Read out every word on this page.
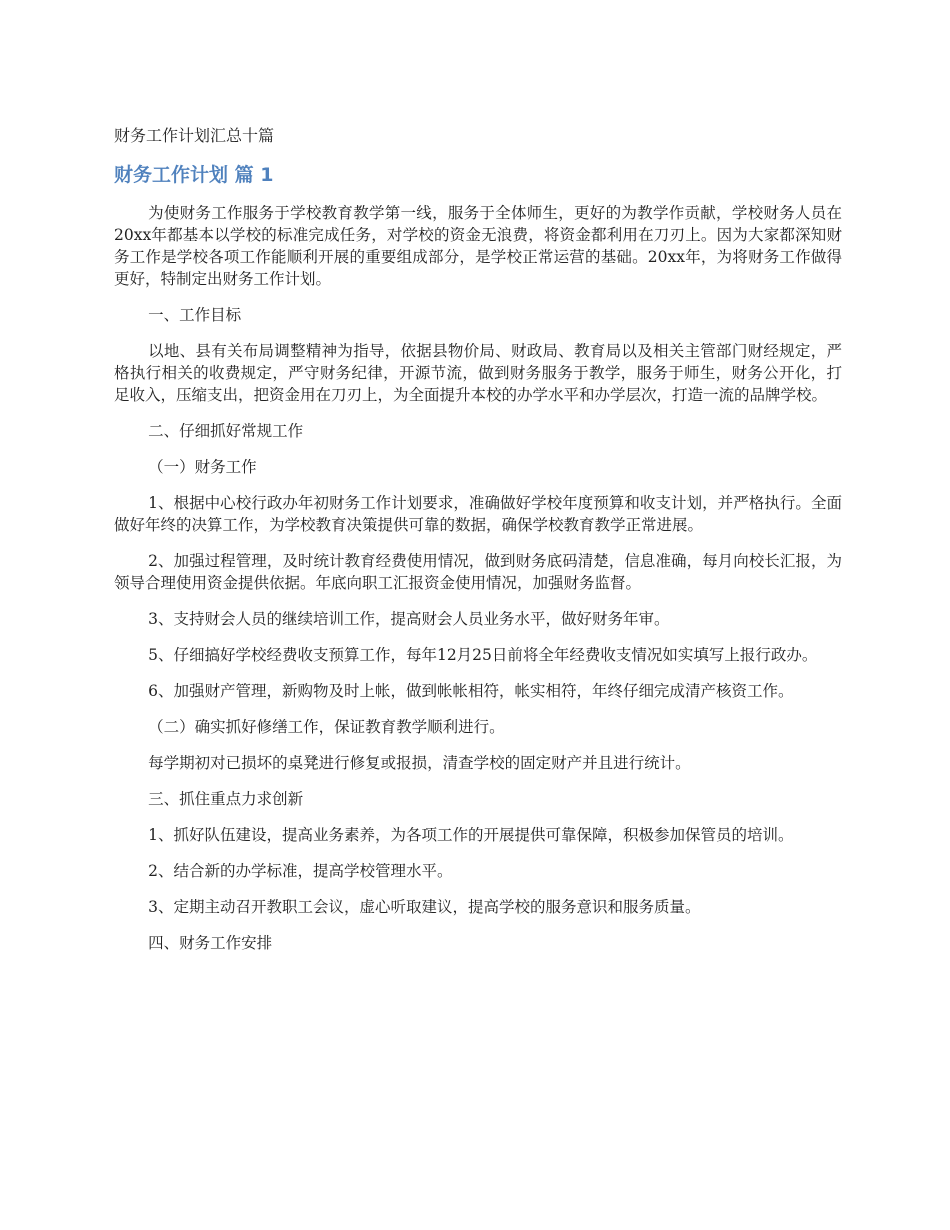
财务工作计划汇总十篇
财务工作计划 篇 1

为使财务工作服务于学校教育教学第一线，服务于全体师生，更好的为教学作贡献，学校财务人员在20xx年都基本以学校的标准完成任务，对学校的资金无浪费，将资金都利用在刀刃上。因为大家都深知财务工作是学校各项工作能顺利开展的重要组成部分，是学校正常运营的基础。20xx年，为将财务工作做得更好，特制定出财务工作计划。

一、工作目标

以地、县有关布局调整精神为指导，依据县物价局、财政局、教育局以及相关主管部门财经规定，严格执行相关的收费规定，严守财务纪律，开源节流，做到财务服务于教学，服务于师生，财务公开化，打足收入，压缩支出，把资金用在刀刃上，为全面提升本校的办学水平和办学层次，打造一流的品牌学校。

二、仔细抓好常规工作

（一）财务工作

1、根据中心校行政办年初财务工作计划要求，准确做好学校年度预算和收支计划，并严格执行。全面做好年终的决算工作，为学校教育决策提供可靠的数据，确保学校教育教学正常进展。

2、加强过程管理，及时统计教育经费使用情况，做到财务底码清楚，信息准确，每月向校长汇报，为领导合理使用资金提供依据。年底向职工汇报资金使用情况，加强财务监督。

3、支持财会人员的继续培训工作，提高财会人员业务水平，做好财务年审。

5、仔细搞好学校经费收支预算工作，每年12月25日前将全年经费收支情况如实填写上报行政办。

6、加强财产管理，新购物及时上帐，做到帐帐相符，帐实相符，年终仔细完成清产核资工作。

（二）确实抓好修缮工作，保证教育教学顺利进行。

每学期初对已损坏的桌凳进行修复或报损，清查学校的固定财产并且进行统计。

三、抓住重点力求创新

1、抓好队伍建设，提高业务素养，为各项工作的开展提供可靠保障，积极参加保管员的培训。

2、结合新的办学标准，提高学校管理水平。

3、定期主动召开教职工会议，虚心听取建议，提高学校的服务意识和服务质量。

四、财务工作安排
